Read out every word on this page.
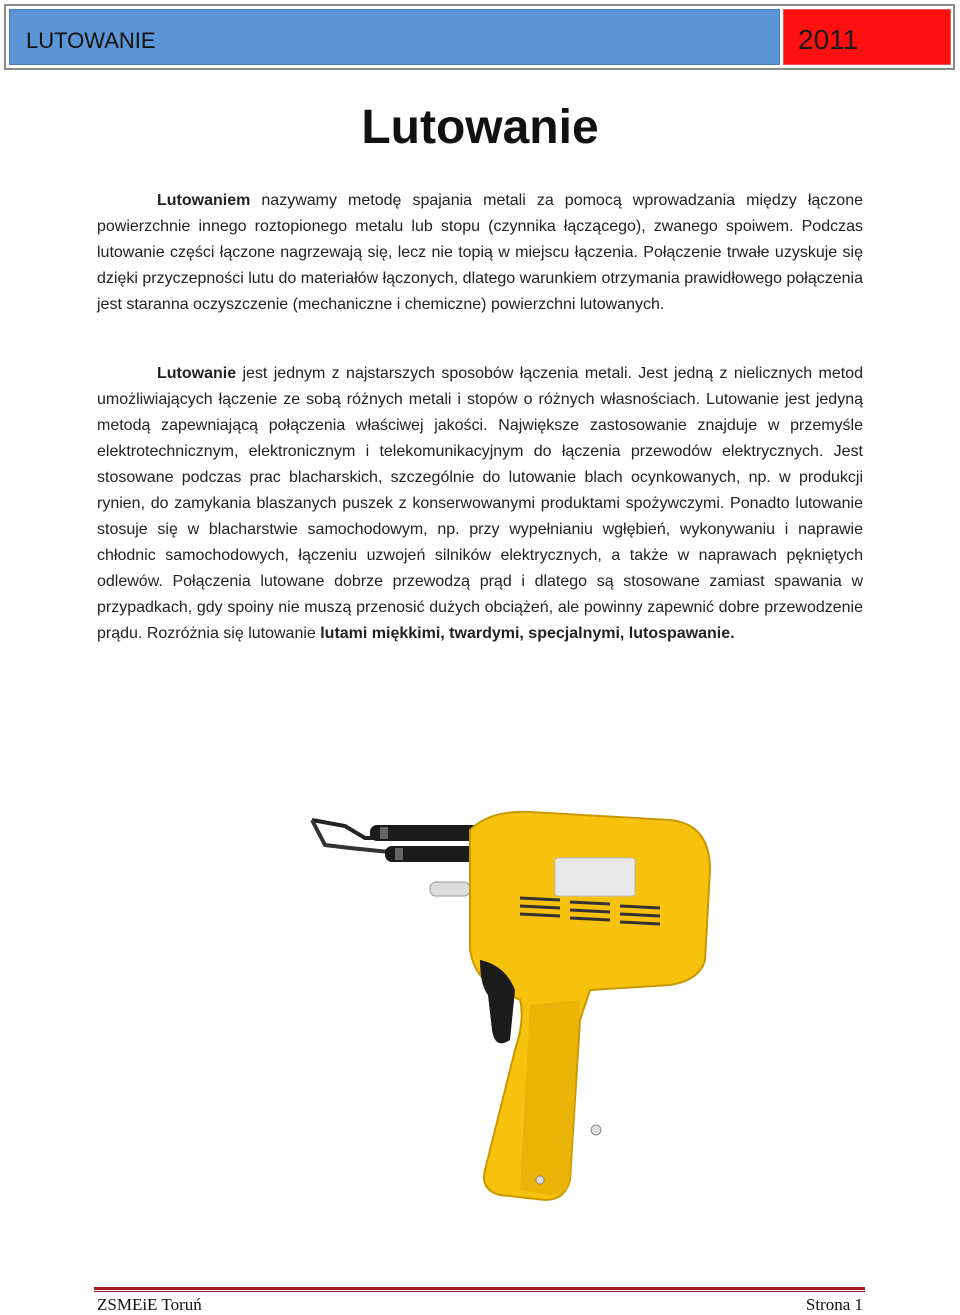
LUTOWANIE	2011
Lutowanie

Lutowaniem nazywamy metodę spajania metali za pomocą wprowadzania między łączone powierzchnie innego roztopionego metalu lub stopu (czynnika łączącego), zwanego spoiwem. Podczas lutowanie części łączone nagrzewają się, lecz nie topią w miejscu łączenia. Połączenie trwałe uzyskuje się dzięki przyczepności lutu do materiałów łączonych, dlatego warunkiem otrzymania prawidłowego połączenia jest staranna oczyszczenie (mechaniczne i chemiczne) powierzchni lutowanych.

Lutowanie jest jednym z najstarszych sposobów łączenia metali. Jest jedną z nielicznych metod umożliwiających łączenie ze sobą różnych metali i stopów o różnych własnościach. Lutowanie jest jedyną metodą zapewniającą połączenia właściwej jakości. Największe zastosowanie znajduje w przemyśle elektrotechnicznym, elektronicznym i telekomunikacyjnym do łączenia przewodów elektrycznych. Jest stosowane podczas prac blacharskich, szczególnie do lutowanie blach ocynkowanych, np. w produkcji rynien, do zamykania blaszanych puszek z konserwowanymi produktami spożywczymi. Ponadto lutowanie stosuje się w blacharstwie samochodowym, np. przy wypełnianiu wgłębień, wykonywaniu i naprawie chłodnic samochodowych, łączeniu uzwojeń silników elektrycznych, a także w naprawach pękniętych odlewów. Połączenia lutowane dobrze przewodzą prąd i dlatego są stosowane zamiast spawania w przypadkach, gdy spoiny nie muszą przenosić dużych obciążeń, ale powinny zapewnić dobre przewodzenie prądu. Rozróżnia się lutowanie lutami miękkimi, twardymi, specjalnymi, lutospawanie.

ZSMEiE Toruń	Strona 1
